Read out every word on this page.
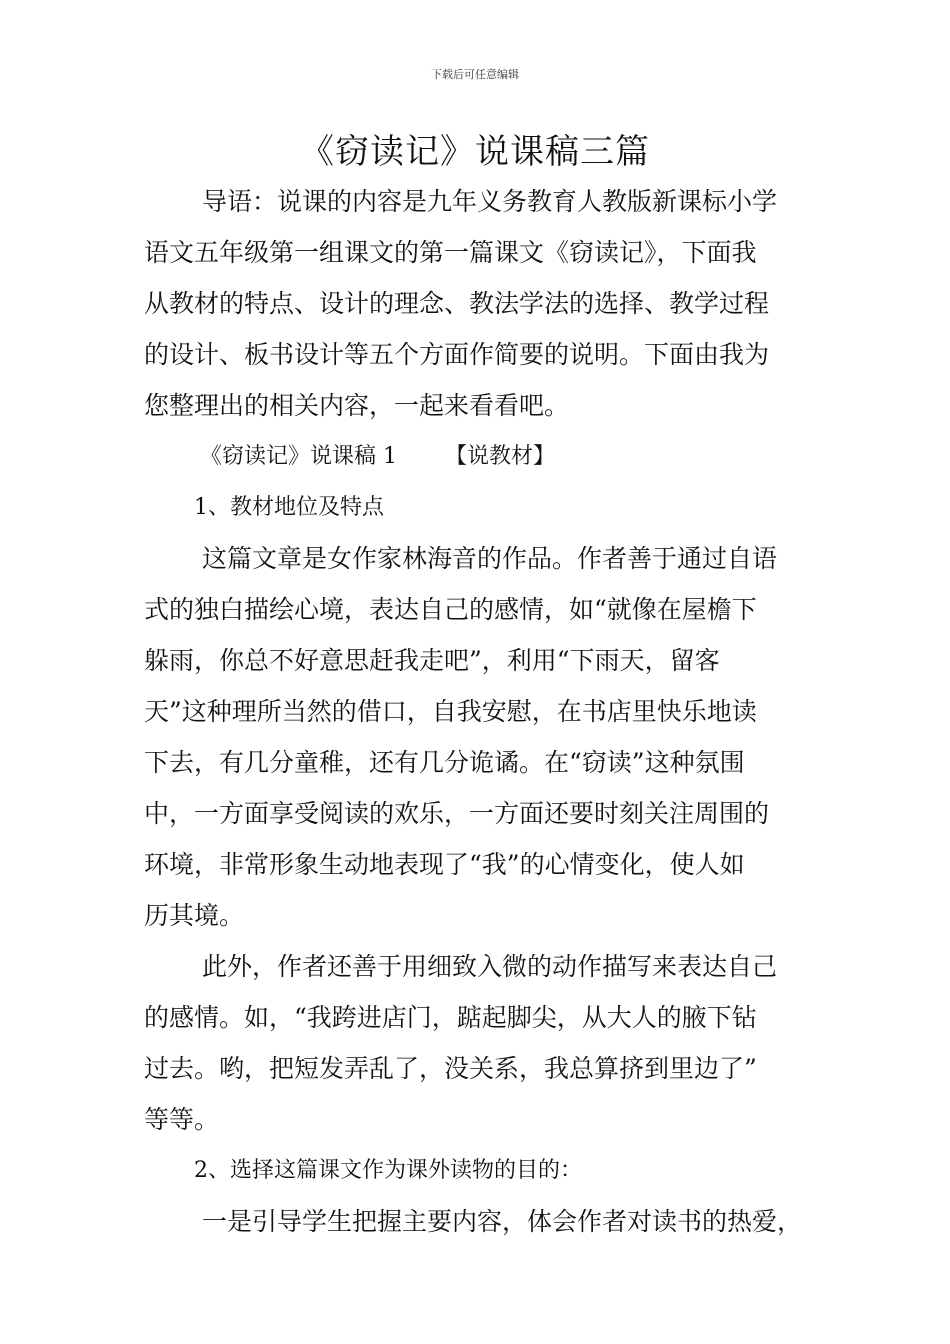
下载后可任意编辑
《窃读记》说课稿三篇
导语：说课的内容是九年义务教育人教版新课标小学
语文五年级第一组课文的第一篇课文《窃读记》，下面我
从教材的特点、设计的理念、教法学法的选择、教学过程
的设计、板书设计等五个方面作简要的说明。下面由我为
您整理出的相关内容，一起来看看吧。
《窃读记》说课稿 1 【说教材】
1、教材地位及特点
这篇文章是女作家林海音的作品。作者善于通过自语
式的独白描绘心境，表达自己的感情，如“就像在屋檐下
躲雨，你总不好意思赶我走吧”，利用“下雨天，留客
天”这种理所当然的借口，自我安慰，在书店里快乐地读
下去，有几分童稚，还有几分诡谲。在“窃读”这种氛围
中，一方面享受阅读的欢乐，一方面还要时刻关注周围的
环境，非常形象生动地表现了“我”的心情变化，使人如
历其境。
此外，作者还善于用细致入微的动作描写来表达自己
的感情。如，“我跨进店门，踮起脚尖，从大人的腋下钻
过去。哟，把短发弄乱了，没关系，我总算挤到里边了”
等等。
2、选择这篇课文作为课外读物的目的：
一是引导学生把握主要内容，体会作者对读书的热爱，
